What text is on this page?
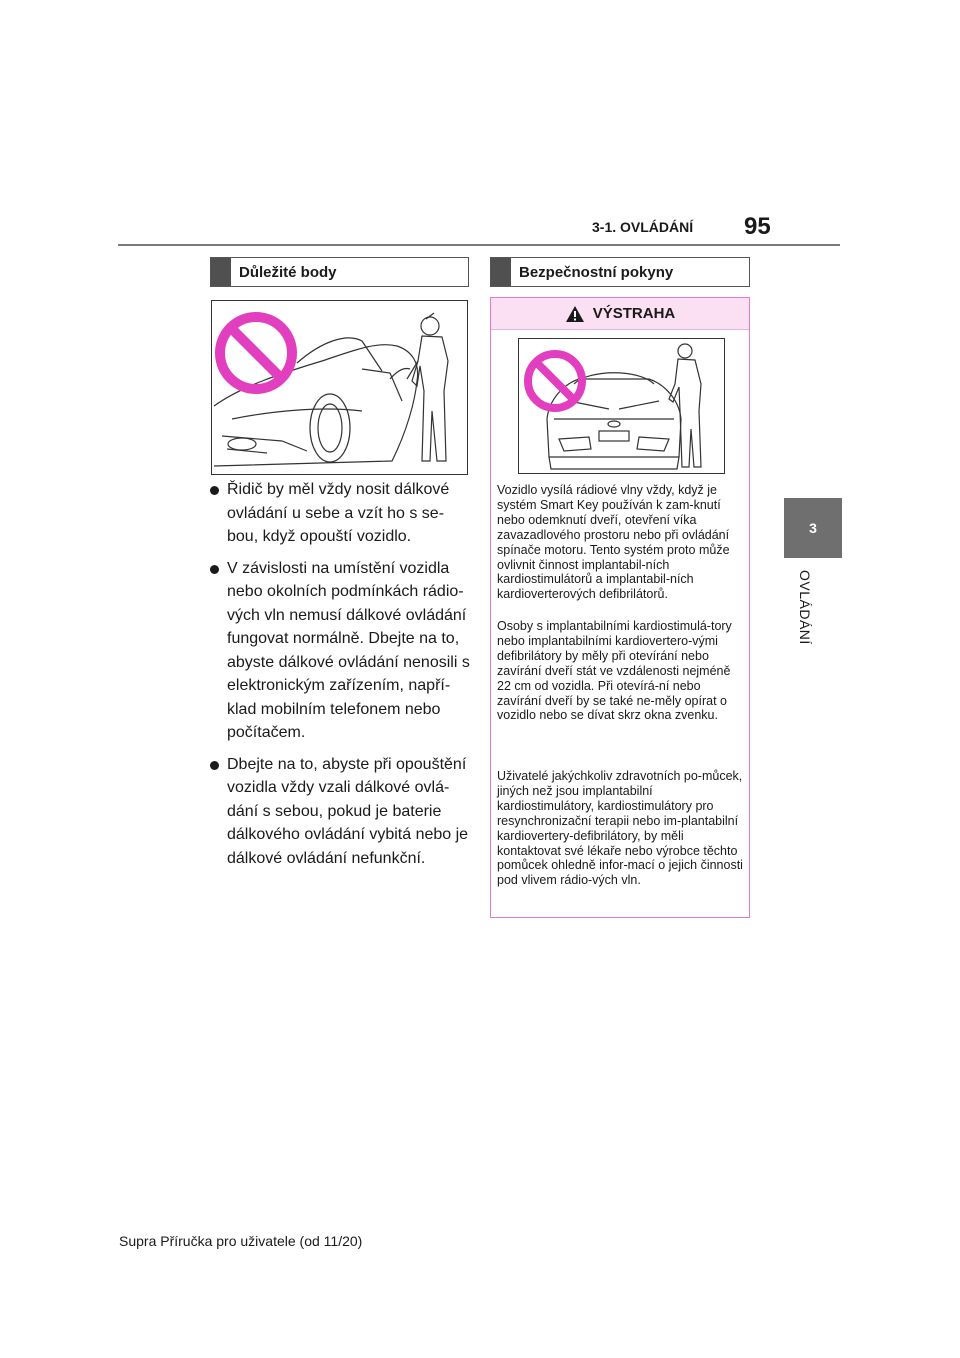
3-1. OVLÁDÁNÍ 95
3
OVLÁDÁNÍ
Důležité body
Řidič by měl vždy nosit dálkové ovládání u sebe a vzít ho s se-bou, když opouští vozidlo.
V závislosti na umístění vozidla nebo okolních podmínkách rádio-vých vln nemusí dálkové ovládání fungovat normálně. Dbejte na to, abyste dálkové ovládání nenosili s elektronickým zařízením, napří-klad mobilním telefonem nebo počítačem.
Dbejte na to, abyste při opouštění vozidla vždy vzali dálkové ovlá-dání s sebou, pokud je baterie dálkového ovládání vybitá nebo je dálkové ovládání nefunkční.
Bezpečnostní pokyny
VÝSTRAHA

Vozidlo vysílá rádiové vlny vždy, když je systém Smart Key používán k zam-knutí nebo odemknutí dveří, otevření víka zavazadlového prostoru nebo při ovládání spínače motoru. Tento systém proto může ovlivnit činnost implantabil-ních kardiostimulátorů a implantabil-ních kardioverterových defibrilátorů.

Osoby s implantabilními kardiostimulá-tory nebo implantabilními kardiovertero-vými defibrilátory by měly při otevírání nebo zavírání dveří stát ve vzdálenosti nejméně 22 cm od vozidla. Při otevírá-ní nebo zavírání dveří by se také ne-měly opírat o vozidlo nebo se dívat skrz okna zvenku.

Uživatelé jakýchkoliv zdravotních po-můcek, jiných než jsou implantabilní kardiostimulátory, kardiostimulátory pro resynchronizační terapii nebo im-plantabilní kardiovertery-defibrilátory, by měli kontaktovat své lékaře nebo výrobce těchto pomůcek ohledně infor-mací o jejich činnosti pod vlivem rádio-vých vln.

Supra Příručka pro uživatele (od 11/20)
